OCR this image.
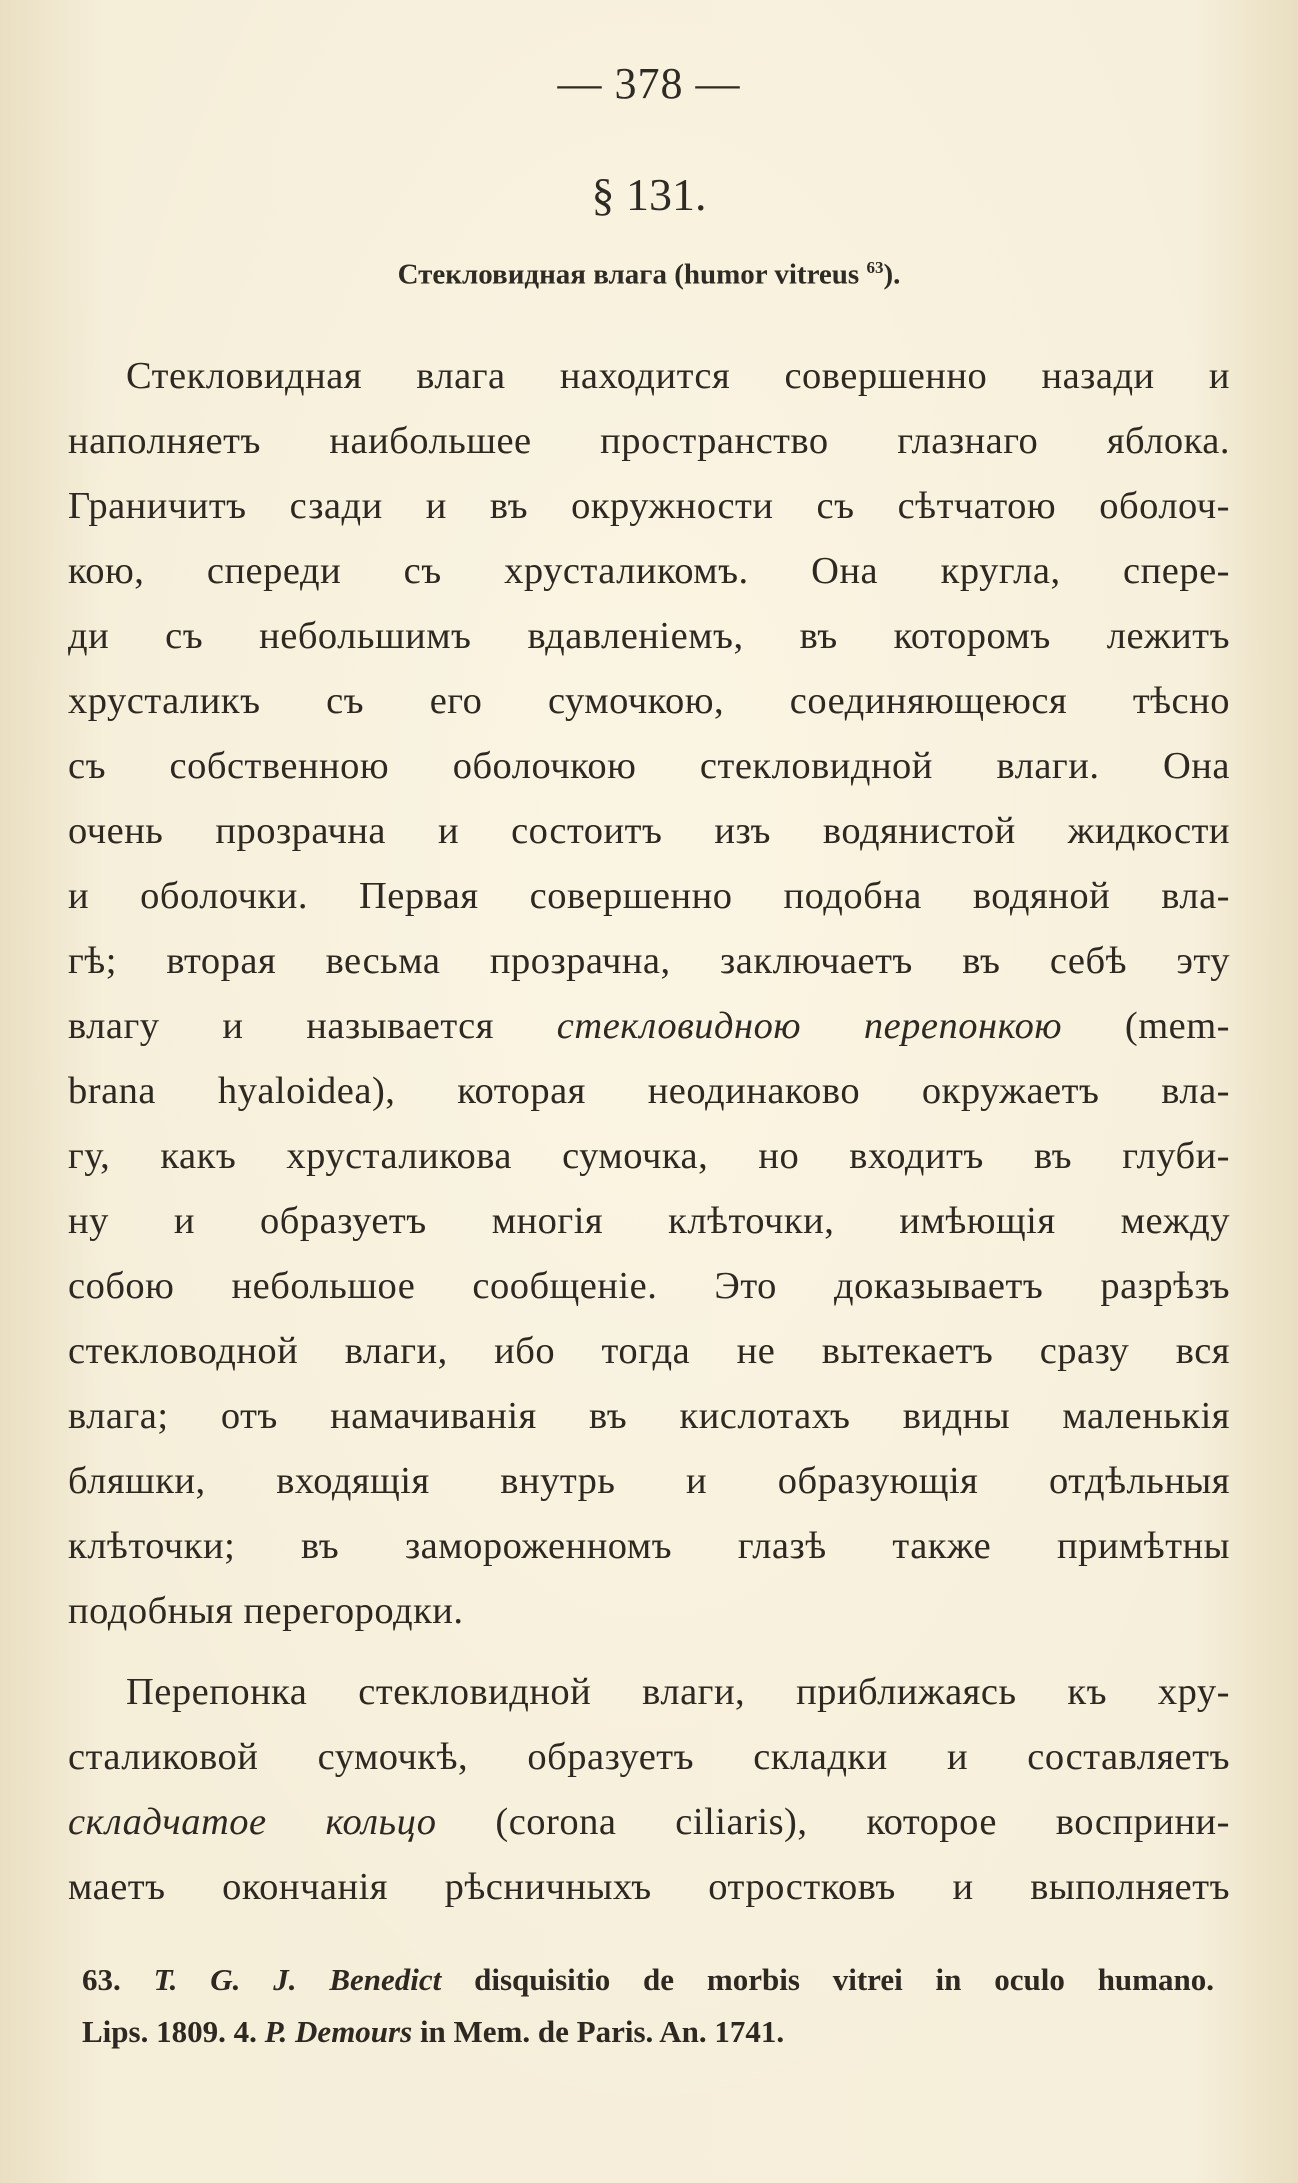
— 378 —
§ 131.
Стекловидная влага (humor vitreus $^{63}$).
Стекловидная влага находится совершенно назади и
наполняетъ наибольшее пространство глазнаго яблока.
Граничитъ сзади и въ окружности съ сѣтчатою оболоч-
кою, спереди съ хрусталикомъ. Она кругла, спере-
ди съ небольшимъ вдавленіемъ, въ которомъ лежитъ
хрусталикъ съ его сумочкою, соединяющеюся тѣсно
съ собственною оболочкою стекловидной влаги. Она
очень прозрачна и состоитъ изъ водянистой жидкости
и оболочки. Первая совершенно подобна водяной вла-
гѣ; вторая весьма прозрачна, заключаетъ въ себѣ эту
влагу и называется стекловидною перепонкою (mem-
brana hyaloidea), которая неодинаково окружаетъ вла-
гу, какъ хрусталикова сумочка, но входитъ въ глуби-
ну и образуетъ многія клѣточки, имѣющія между
собою небольшое сообщеніе. Это доказываетъ разрѣзъ
стекловодной влаги, ибо тогда не вытекаетъ сразу вся
влага; отъ намачиванія въ кислотахъ видны маленькія
бляшки, входящія внутрь и образующія отдѣльныя
клѣточки; въ замороженномъ глазѣ также примѣтны
подобныя перегородки.
Перепонка стекловидной влаги, приближаясь къ хру-
сталиковой сумочкѣ, образуетъ складки и составляетъ
складчатое кольцо (corona ciliaris), которое восприни-
маетъ окончанія рѣсничныхъ отростковъ и выполняетъ
63. T. G. J. Benedict disquisitio de morbis vitrei in oculo humano.
Lips. 1809. 4. P. Demours in Mem. de Paris. An. 1741.
